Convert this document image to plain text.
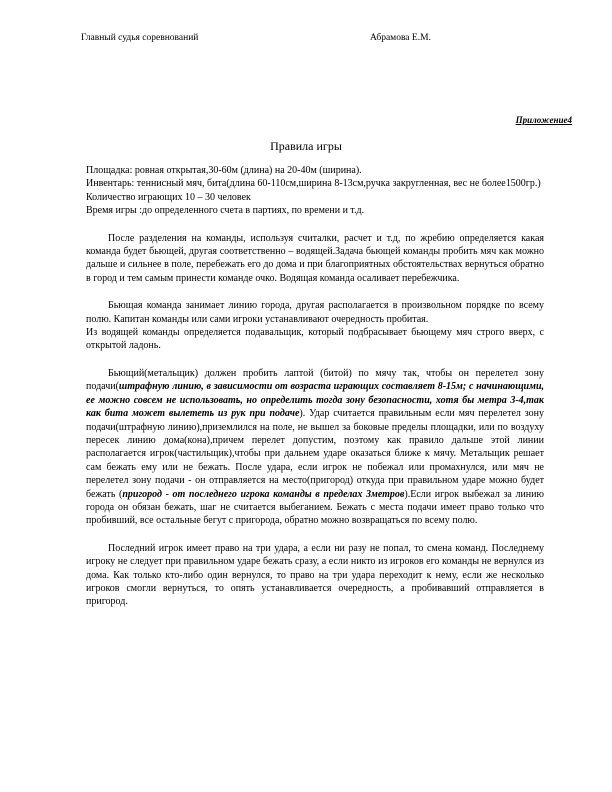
Главный судья соревнований	Абрамова Е.М.
Приложение4
Правила игры

Площадка: ровная открытая,30-60м (длина) на 20-40м (ширина).

Инвентарь: теннисный мяч, бита(длина 60-110см,ширина 8-13см,ручка закругленная, вес не более1500гр.)

Количество играющих 10 – 30 человек

Время игры :до определенного счета в партиях, по времени и т.д.

После разделения на команды, используя считалки, расчет и т.д, по жребию определяется какая команда будет бьющей, другая соответственно – водящей.Задача бьющей команды пробить мяч как можно дальше и сильнее в поле, перебежать его до дома и при благоприятных обстоятельствах вернуться обратно в город и тем самым принести команде очко. Водящая команда осаливает перебежчика.

Бьющая команда занимает линию города, другая располагается в произвольном порядке по всему полю. Капитан команды или сами игроки устанавливают очередность пробитая.

Из водящей команды определяется подавальщик, который подбрасывает бьющему мяч строго вверх, с открытой ладонь.

Бьющий(метальщик) должен пробить лаптой (битой) по мячу так, чтобы он перелетел зону подачи(штрафную линию, в зависимости от возраста играющих составляет 8-15м; с начинающими, ее можно совсем не использовать, но определить тогда зону безопасности, хотя бы метра 3-4,так как бита может вылететь из рук при подаче). Удар считается правильным если мяч перелетел зону подачи(штрафную линию),приземлился на поле, не вышел за боковые пределы площадки, или по воздуху пересек линию дома(кона),причем перелет допустим, поэтому как правило дальше этой линии располагается игрок(частильщик),чтобы при дальнем ударе оказаться ближе к мячу. Метальщик решает сам бежать ему или не бежать. После удара, если игрок не побежал или промахнулся, или мяч не перелетел зону подачи - он отправляется на место(пригород) откуда при правильном ударе можно будет бежать (пригород - от последнего игрока команды в пределах 3метров).Если игрок выбежал за линию города он обязан бежать, шаг не считается выбеганием. Бежать с места подачи имеет право только что пробивший, все остальные бегут с пригорода, обратно можно возвращаться по всему полю.

Последний игрок имеет право на три удара, а если ни разу не попал, то смена команд. Последнему игроку не следует при правильном ударе бежать сразу, а если никто из игроков его команды не вернулся из дома. Как только кто-либо один вернулся, то право на три удара переходит к нему, если же несколько игроков смогли вернуться, то опять устанавливается очередность, а пробивавший отправляется в пригород.
